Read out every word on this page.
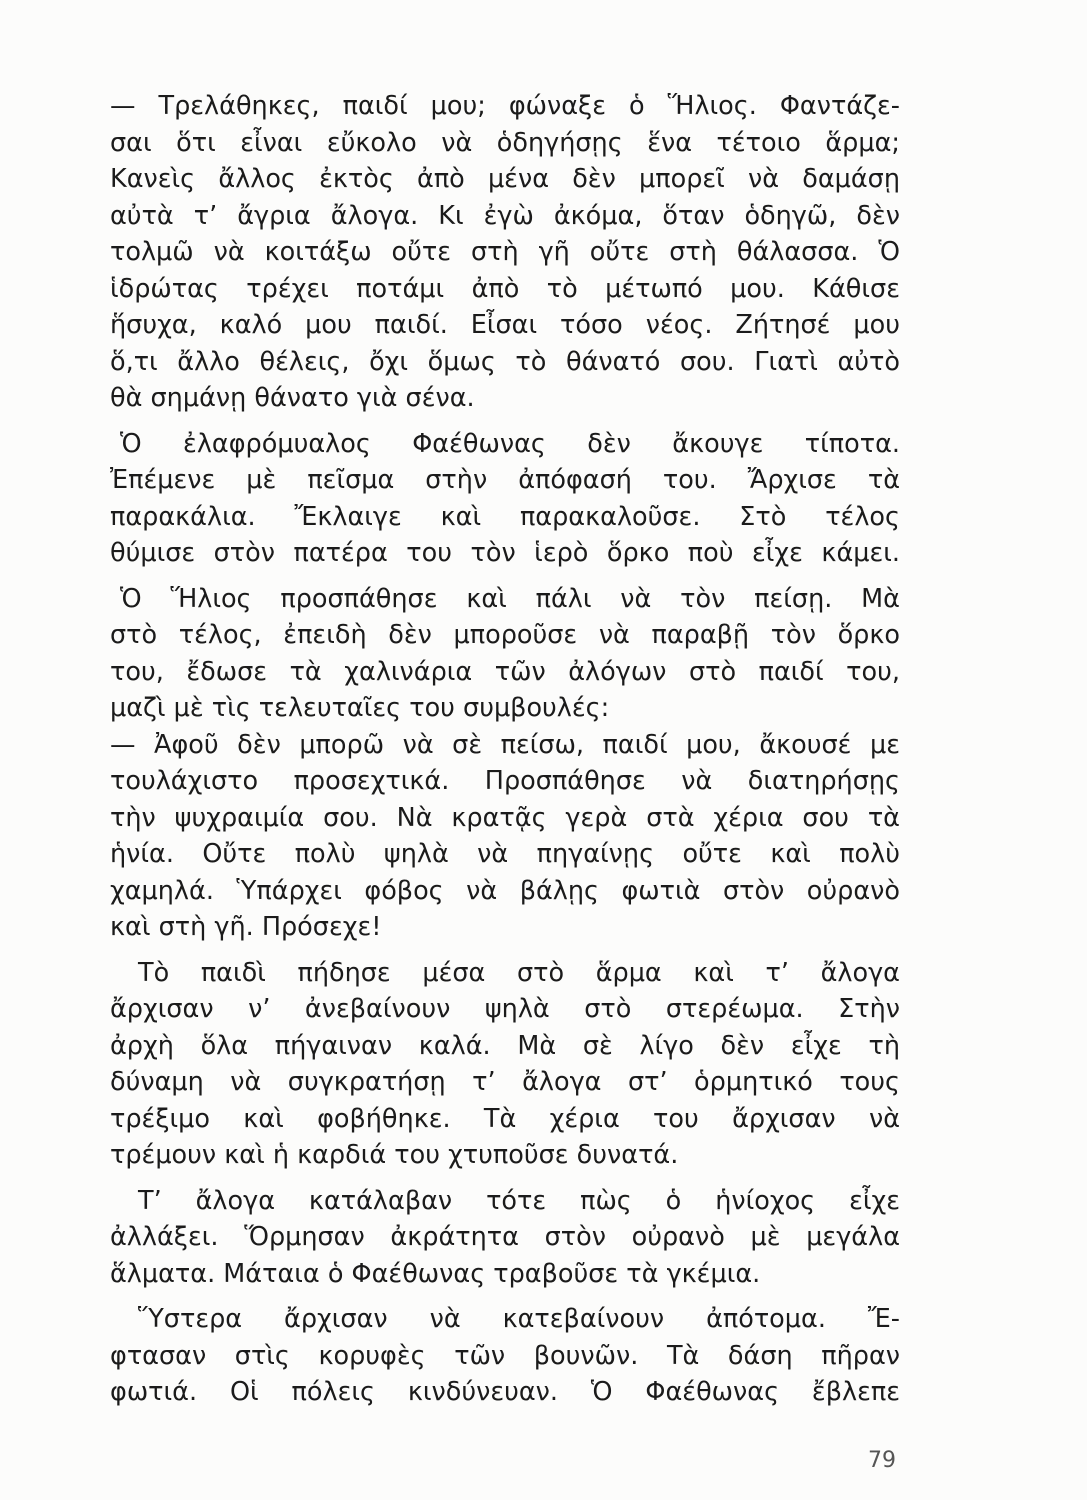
— Τρελάθηκες, παιδί μου; φώναξε ὁ Ἥλιος. Φαντάζε-
σαι ὅτι εἶναι εὔκολο νὰ ὁδηγήσῃς ἕνα τέτοιο ἅρμα;
Κανεὶς ἄλλος ἐκτὸς ἀπὸ μένα δὲν μπορεῖ νὰ δαμάσῃ
αὐτὰ τ’ ἄγρια ἄλογα. Κι ἐγὼ ἀκόμα, ὅταν ὁδηγῶ, δὲν
τολμῶ νὰ κοιτάξω οὔτε στὴ γῆ οὔτε στὴ θάλασσα. Ὁ
ἱδρώτας τρέχει ποτάμι ἀπὸ τὸ μέτωπό μου. Κάθισε
ἥσυχα, καλό μου παιδί. Εἶσαι τόσο νέος. Ζήτησέ μου
ὅ,τι ἄλλο θέλεις, ὄχι ὅμως τὸ θάνατό σου. Γιατὶ αὐτὸ
θὰ σημάνῃ θάνατο γιὰ σένα.
Ὁ ἐλαφρόμυαλος Φαέθωνας δὲν ἄκουγε τίποτα.
Ἐπέμενε μὲ πεῖσμα στὴν ἀπόφασή του. Ἄρχισε τὰ
παρακάλια. Ἔκλαιγε καὶ παρακαλοῦσε. Στὸ τέλος
θύμισε στὸν πατέρα του τὸν ἱερὸ ὅρκο ποὺ εἶχε κάμει.
Ὁ Ἥλιος προσπάθησε καὶ πάλι νὰ τὸν πείσῃ. Μὰ
στὸ τέλος, ἐπειδὴ δὲν μποροῦσε νὰ παραβῇ τὸν ὅρκο
του, ἔδωσε τὰ χαλινάρια τῶν ἀλόγων στὸ παιδί του,
μαζὶ μὲ τὶς τελευταῖες του συμβουλές:
— Ἀφοῦ δὲν μπορῶ νὰ σὲ πείσω, παιδί μου, ἄκουσέ με
τουλάχιστο προσεχτικά. Προσπάθησε νὰ διατηρήσῃς
τὴν ψυχραιμία σου. Νὰ κρατᾷς γερὰ στὰ χέρια σου τὰ
ἡνία. Οὔτε πολὺ ψηλὰ νὰ πηγαίνῃς οὔτε καὶ πολὺ
χαμηλά. Ὑπάρχει φόβος νὰ βάλῃς φωτιὰ στὸν οὐρανὸ
καὶ στὴ γῆ. Πρόσεχε!
Τὸ παιδὶ πήδησε μέσα στὸ ἅρμα καὶ τ’ ἄλογα
ἄρχισαν ν’ ἀνεβαίνουν ψηλὰ στὸ στερέωμα. Στὴν
ἀρχὴ ὅλα πήγαιναν καλά. Μὰ σὲ λίγο δὲν εἶχε τὴ
δύναμη νὰ συγκρατήσῃ τ’ ἄλογα στ’ ὁρμητικό τους
τρέξιμο καὶ φοβήθηκε. Τὰ χέρια του ἄρχισαν νὰ
τρέμουν καὶ ἡ καρδιά του χτυποῦσε δυνατά.
Τ’ ἄλογα κατάλαβαν τότε πὼς ὁ ἡνίοχος εἶχε
ἀλλάξει. Ὅρμησαν ἀκράτητα στὸν οὐρανὸ μὲ μεγάλα
ἅλματα. Μάταια ὁ Φαέθωνας τραβοῦσε τὰ γκέμια.
Ὕστερα ἄρχισαν νὰ κατεβαίνουν ἀπότομα. Ἔ-
φτασαν στὶς κορυφὲς τῶν βουνῶν. Τὰ δάση πῆραν
φωτιά. Οἱ πόλεις κινδύνευαν. Ὁ Φαέθωνας ἔβλεπε
79
